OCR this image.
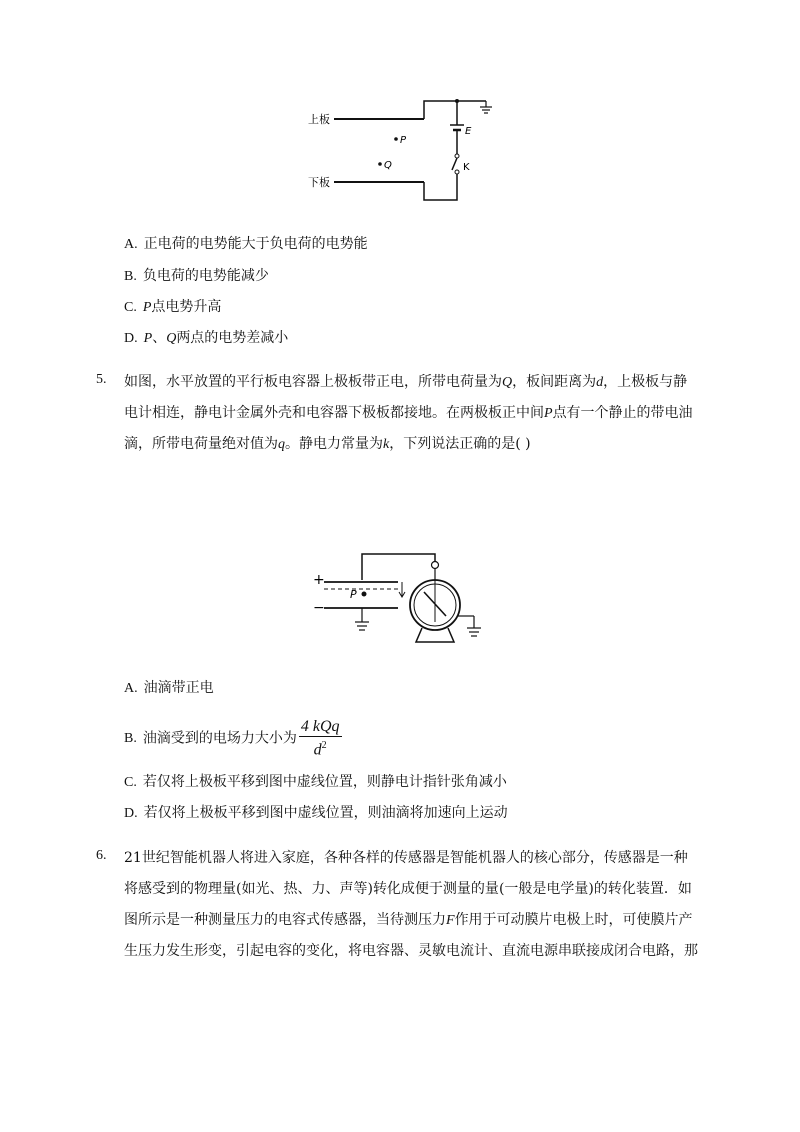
上板
下板
P
Q
E
K
A. 正电荷的电势能大于负电荷的电势能
B. 负电荷的电势能减少
C. P点电势升高
D. P、Q两点的电势差减小
5. 如图，水平放置的平行板电容器上极板带正电，所带电荷量为Q，板间距离为d，上极板与静
电计相连，静电计金属外壳和电容器下极板都接地。在两极板正中间P点有一个静止的带电油
滴，所带电荷量绝对值为q。静电力常量为k，下列说法正确的是( )
+
−
P
A. 油滴带正电
B. 油滴受到的电场力大小为 $\frac{\text{4 kQq}}{d^2}$
C. 若仅将上极板平移到图中虚线位置，则静电计指针张角减小
D. 若仅将上极板平移到图中虚线位置，则油滴将加速向上运动
6. 21世纪智能机器人将进入家庭，各种各样的传感器是智能机器人的核心部分，传感器是一种
将感受到的物理量(如光、热、力、声等)转化成便于测量的量(一般是电学量)的转化装置．如
图所示是一种测量压力的电容式传感器，当待测压力F作用于可动膜片电极上时，可使膜片产
生压力发生形变，引起电容的变化，将电容器、灵敏电流计、直流电源串联接成闭合电路，那
